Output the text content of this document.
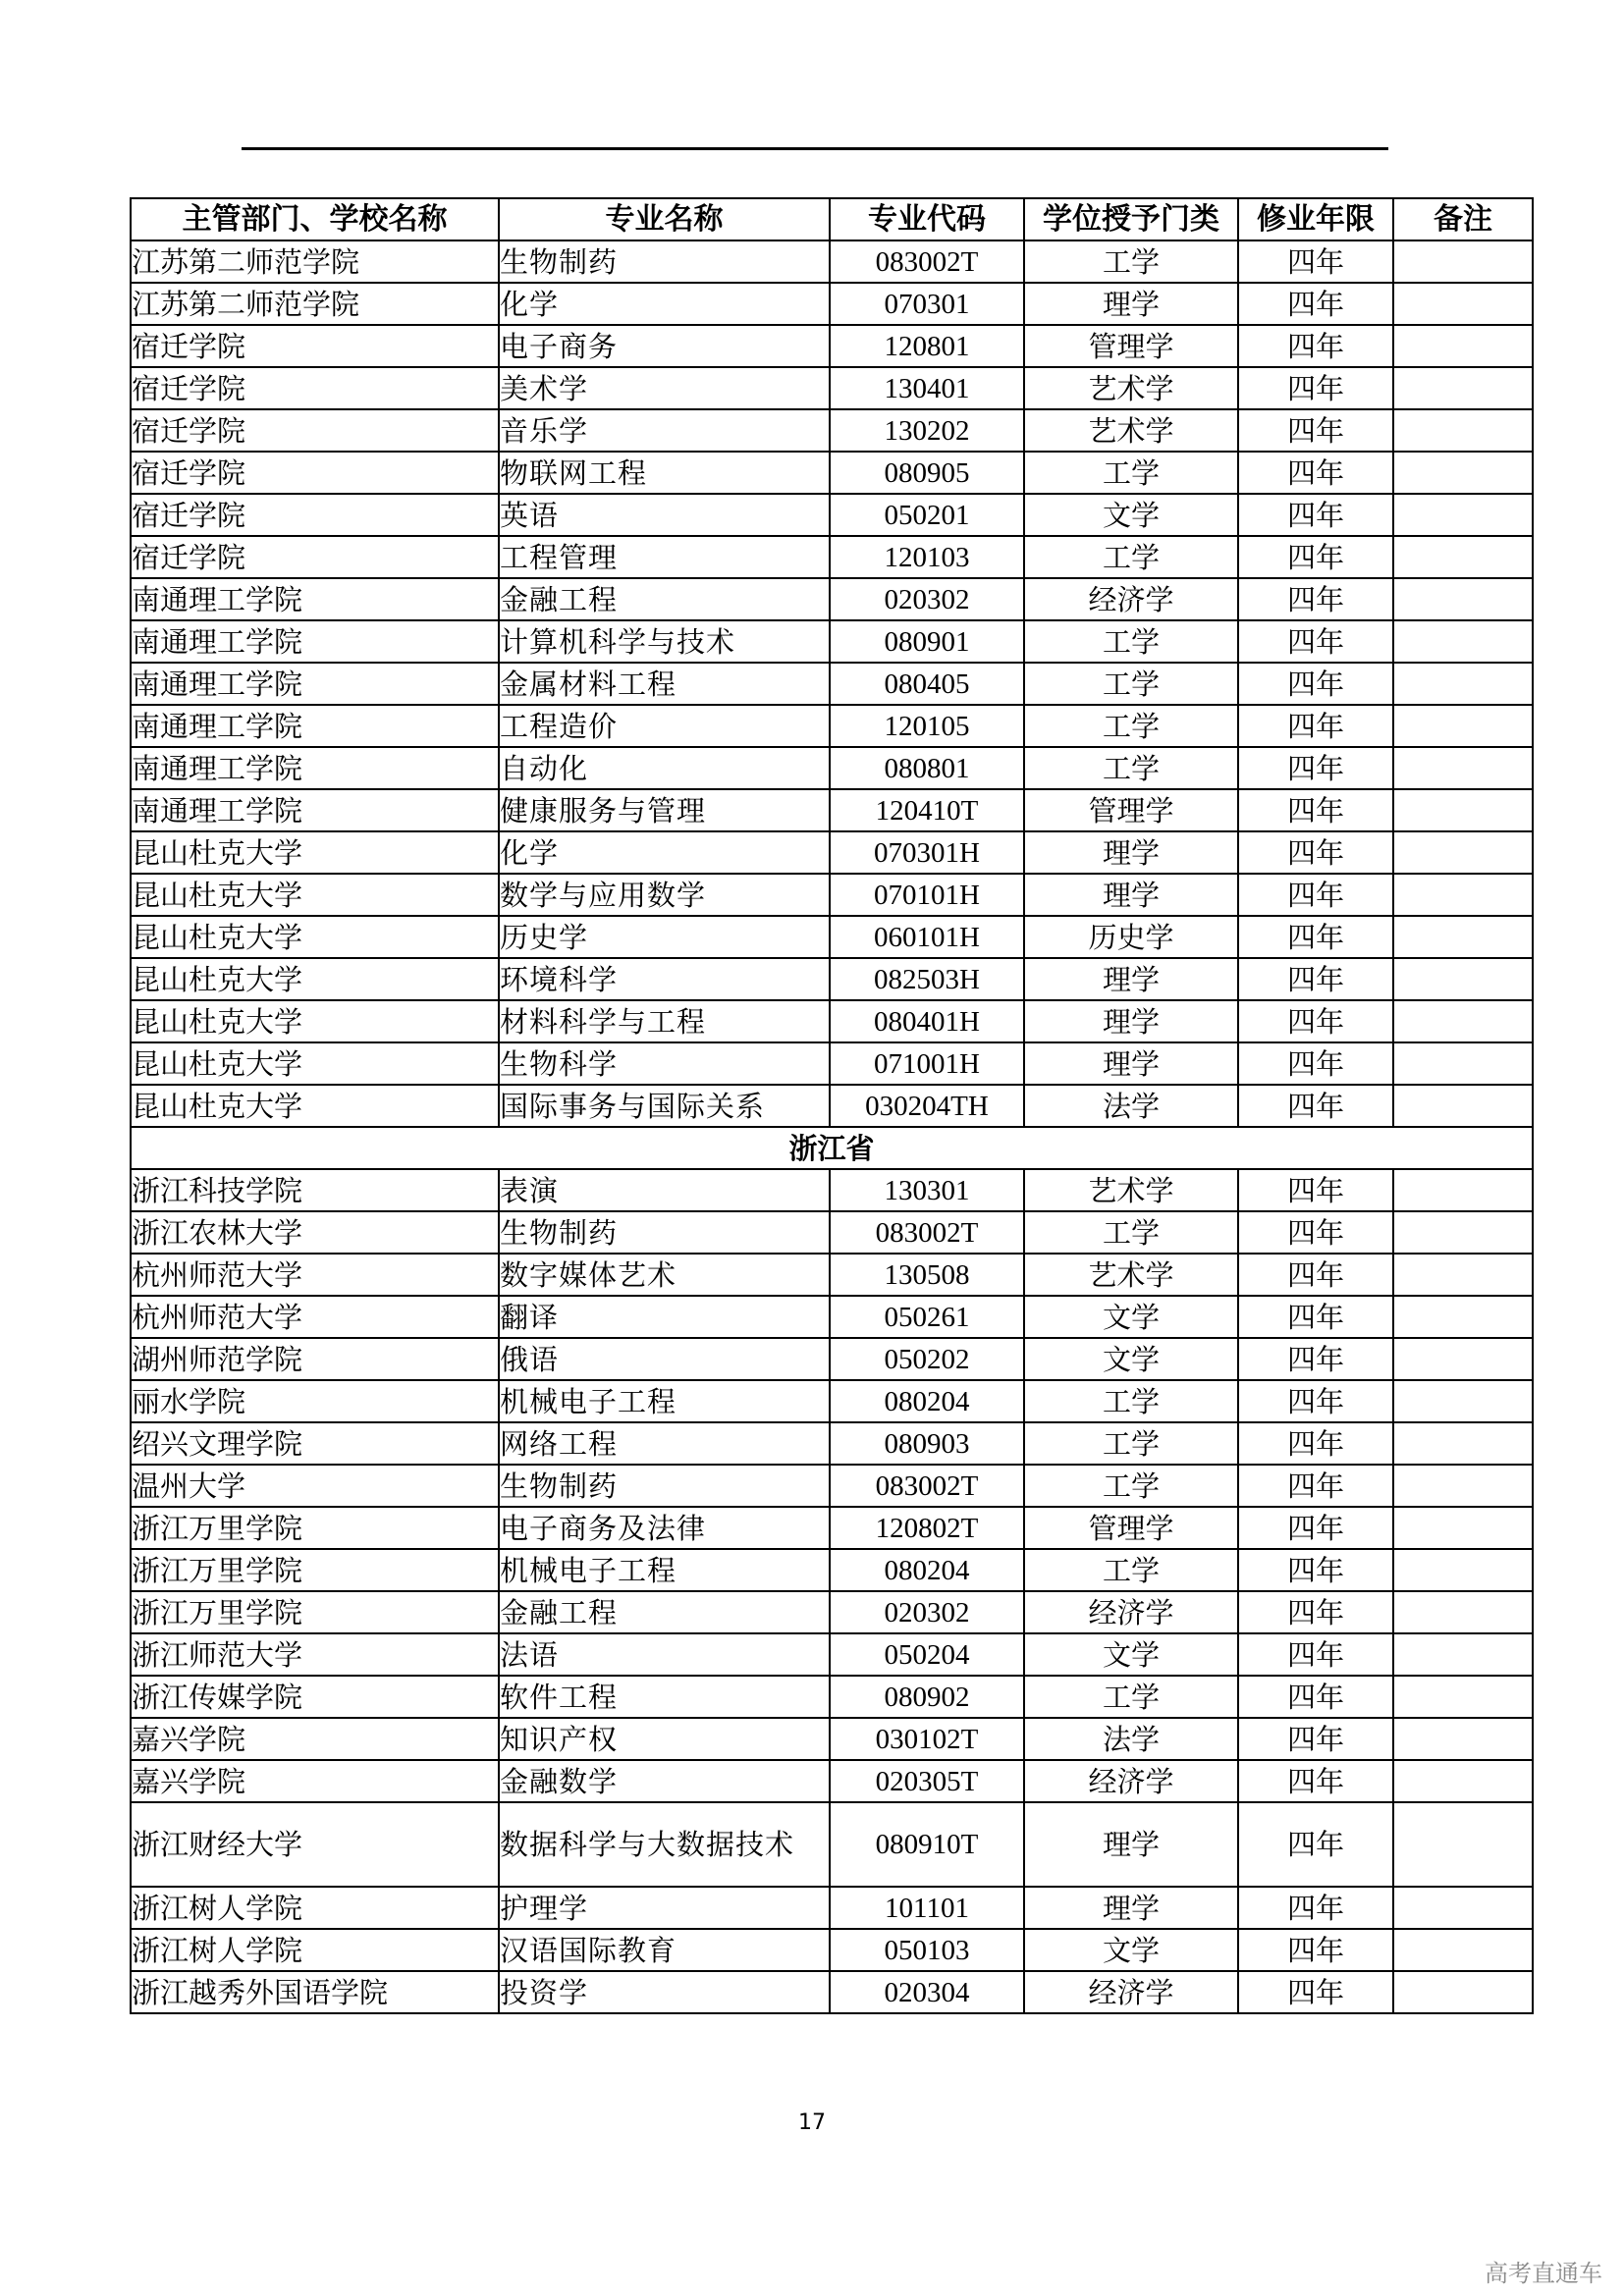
主管部门、学校名称	专业名称	专业代码	学位授予门类	修业年限	备注
江苏第二师范学院	生物制药	083002T	工学	四年	
江苏第二师范学院	化学	070301	理学	四年	
宿迁学院	电子商务	120801	管理学	四年	
宿迁学院	美术学	130401	艺术学	四年	
宿迁学院	音乐学	130202	艺术学	四年	
宿迁学院	物联网工程	080905	工学	四年	
宿迁学院	英语	050201	文学	四年	
宿迁学院	工程管理	120103	工学	四年	
南通理工学院	金融工程	020302	经济学	四年	
南通理工学院	计算机科学与技术	080901	工学	四年	
南通理工学院	金属材料工程	080405	工学	四年	
南通理工学院	工程造价	120105	工学	四年	
南通理工学院	自动化	080801	工学	四年	
南通理工学院	健康服务与管理	120410T	管理学	四年	
昆山杜克大学	化学	070301H	理学	四年	
昆山杜克大学	数学与应用数学	070101H	理学	四年	
昆山杜克大学	历史学	060101H	历史学	四年	
昆山杜克大学	环境科学	082503H	理学	四年	
昆山杜克大学	材料科学与工程	080401H	理学	四年	
昆山杜克大学	生物科学	071001H	理学	四年	
昆山杜克大学	国际事务与国际关系	030204TH	法学	四年	
浙江省					
浙江科技学院	表演	130301	艺术学	四年	
浙江农林大学	生物制药	083002T	工学	四年	
杭州师范大学	数字媒体艺术	130508	艺术学	四年	
杭州师范大学	翻译	050261	文学	四年	
湖州师范学院	俄语	050202	文学	四年	
丽水学院	机械电子工程	080204	工学	四年	
绍兴文理学院	网络工程	080903	工学	四年	
温州大学	生物制药	083002T	工学	四年	
浙江万里学院	电子商务及法律	120802T	管理学	四年	
浙江万里学院	机械电子工程	080204	工学	四年	
浙江万里学院	金融工程	020302	经济学	四年	
浙江师范大学	法语	050204	文学	四年	
浙江传媒学院	软件工程	080902	工学	四年	
嘉兴学院	知识产权	030102T	法学	四年	
嘉兴学院	金融数学	020305T	经济学	四年	
浙江财经大学	数据科学与大数据技术	080910T	理学	四年	
浙江树人学院	护理学	101101	理学	四年	
浙江树人学院	汉语国际教育	050103	文学	四年	
浙江越秀外国语学院	投资学	020304	经济学	四年	
17
高考直通车
